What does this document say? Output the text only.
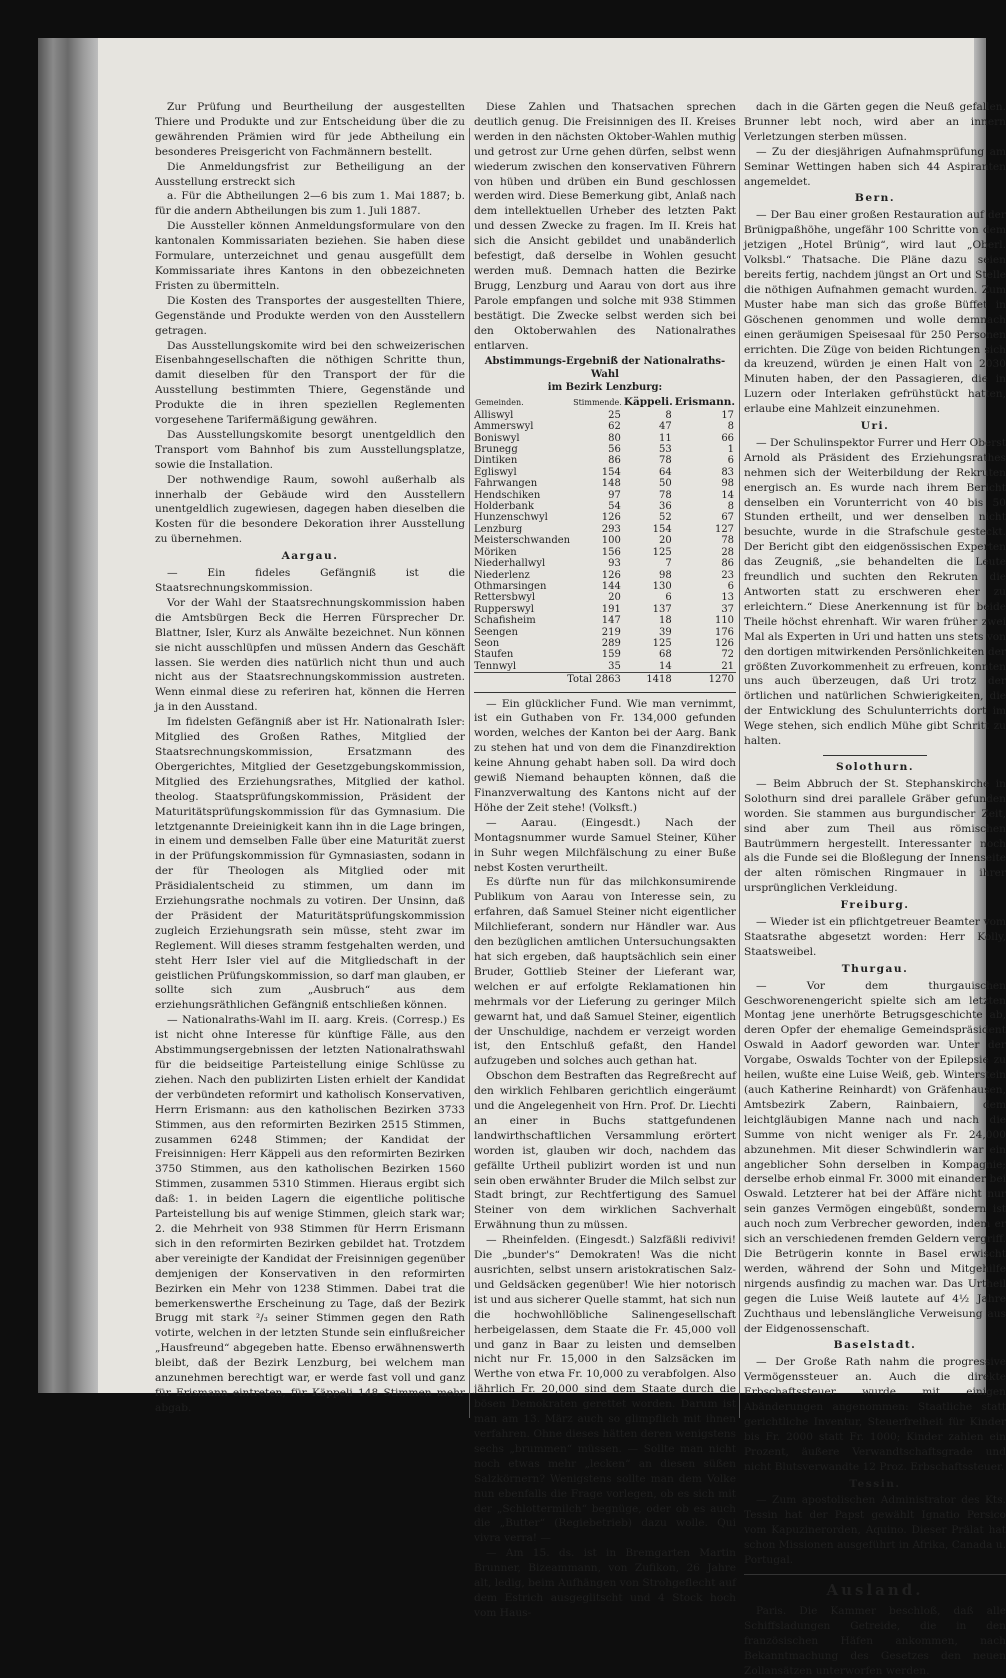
Zur Prüfung und Beurtheilung der ausgestellten Thiere und Produkte und zur Entscheidung über die zu gewährenden Prämien wird für jede Abtheilung ein besonderes Preisgericht von Fachmännern bestellt.

Die Anmeldungsfrist zur Betheiligung an der Ausstellung erstreckt sich

a. Für die Abtheilungen 2—6 bis zum 1. Mai 1887; b. für die andern Abtheilungen bis zum 1. Juli 1887.

Die Aussteller können Anmeldungsformulare von den kantonalen Kommissariaten beziehen. Sie haben diese Formulare, unterzeichnet und genau ausgefüllt dem Kommissariate ihres Kantons in den obbezeichneten Fristen zu übermitteln.

Die Kosten des Transportes der ausgestellten Thiere, Gegenstände und Produkte werden von den Ausstellern getragen.

Das Ausstellungskomite wird bei den schweizerischen Eisenbahngesellschaften die nöthigen Schritte thun, damit dieselben für den Transport der für die Ausstellung bestimmten Thiere, Gegenstände und Produkte die in ihren speziellen Reglementen vorgesehene Tarifermäßigung gewähren.

Das Ausstellungskomite besorgt unentgeldlich den Transport vom Bahnhof bis zum Ausstellungsplatze, sowie die Installation.

Der nothwendige Raum, sowohl außerhalb als innerhalb der Gebäude wird den Ausstellern unentgeldlich zugewiesen, dagegen haben dieselben die Kosten für die besondere Dekoration ihrer Ausstellung zu übernehmen.

Aargau.

— Ein fideles Gefängniß ist die Staatsrechnungskommission.

Vor der Wahl der Staatsrechnungskommission haben die Amtsbürgen Beck die Herren Fürsprecher Dr. Blattner, Isler, Kurz als Anwälte bezeichnet. Nun können sie nicht ausschlüpfen und müssen Andern das Geschäft lassen. Sie werden dies natürlich nicht thun und auch nicht aus der Staatsrechnungskommission austreten. Wenn einmal diese zu referiren hat, können die Herren ja in den Ausstand.

Im fidelsten Gefängniß aber ist Hr. Nationalrath Isler: Mitglied des Großen Rathes, Mitglied der Staatsrechnungskommission, Ersatzmann des Obergerichtes, Mitglied der Gesetzgebungskommission, Mitglied des Erziehungsrathes, Mitglied der kathol. theolog. Staatsprüfungskommission, Präsident der Maturitätsprüfungskommission für das Gymnasium. Die letztgenannte Dreieinigkeit kann ihn in die Lage bringen, in einem und demselben Falle über eine Maturität zuerst in der Prüfungskommission für Gymnasiasten, sodann in der für Theologen als Mitglied oder mit Präsidialentscheid zu stimmen, um dann im Erziehungsrathe nochmals zu votiren. Der Unsinn, daß der Präsident der Maturitätsprüfungskommission zugleich Erziehungsrath sein müsse, steht zwar im Reglement. Will dieses stramm festgehalten werden, und steht Herr Isler viel auf die Mitgliedschaft in der geistlichen Prüfungskommission, so darf man glauben, er sollte sich zum „Ausbruch“ aus dem erziehungsräthlichen Gefängniß entschließen können.

— Nationalraths-Wahl im II. aarg. Kreis. (Corresp.) Es ist nicht ohne Interesse für künftige Fälle, aus den Abstimmungsergebnissen der letzten Nationalrathswahl für die beidseitige Parteistellung einige Schlüsse zu ziehen. Nach den publizirten Listen erhielt der Kandidat der verbündeten reformirt und katholisch Konservativen, Herrn Erismann: aus den katholischen Bezirken 3733 Stimmen, aus den reformirten Bezirken 2515 Stimmen, zusammen 6248 Stimmen; der Kandidat der Freisinnigen: Herr Käppeli aus den reformirten Bezirken 3750 Stimmen, aus den katholischen Bezirken 1560 Stimmen, zusammen 5310 Stimmen. Hieraus ergibt sich daß: 1. in beiden Lagern die eigentliche politische Parteistellung bis auf wenige Stimmen, gleich stark war; 2. die Mehrheit von 938 Stimmen für Herrn Erismann sich in den reformirten Bezirken gebildet hat. Trotzdem aber vereinigte der Kandidat der Freisinnigen gegenüber demjenigen der Konservativen in den reformirten Bezirken ein Mehr von 1238 Stimmen. Dabei trat die bemerkenswerthe Erscheinung zu Tage, daß der Bezirk Brugg mit stark ²/₃ seiner Stimmen gegen den Rath votirte, welchen in der letzten Stunde sein einflußreicher „Hausfreund“ abgegeben hatte. Ebenso erwähnenswerth bleibt, daß der Bezirk Lenzburg, bei welchem man anzunehmen berechtigt war, er werde fast voll und ganz für Erismann eintreten, für Käppeli 148 Stimmen mehr abgab.

Diese Zahlen und Thatsachen sprechen deutlich genug. Die Freisinnigen des II. Kreises werden in den nächsten Oktober-Wahlen muthig und getrost zur Urne gehen dürfen, selbst wenn wiederum zwischen den konservativen Führern von hüben und drüben ein Bund geschlossen werden wird. Diese Bemerkung gibt, Anlaß nach dem intellektuellen Urheber des letzten Pakt und dessen Zwecke zu fragen. Im II. Kreis hat sich die Ansicht gebildet und unabänderlich befestigt, daß derselbe in Wohlen gesucht werden muß. Demnach hatten die Bezirke Brugg, Lenzburg und Aarau von dort aus ihre Parole empfangen und solche mit 938 Stimmen bestätigt. Die Zwecke selbst werden sich bei den Oktoberwahlen des Nationalrathes entlarven.

Abstimmungs-Ergebniß der Nationalraths-Wahl
im Bezirk Lenzburg:
Gemeinden.	Stimmende.	Käppeli.	Erismann.
Alliswyl	25	8	17
Ammerswyl	62	47	8
Boniswyl	80	11	66
Brunegg	56	53	1
Dintiken	86	78	6
Egliswyl	154	64	83
Fahrwangen	148	50	98
Hendschiken	97	78	14
Holderbank	54	36	8
Hunzenschwyl	126	52	67
Lenzburg	293	154	127
Meisterschwanden	100	20	78
Möriken	156	125	28
Niederhallwyl	93	7	86
Niederlenz	126	98	23
Othmarsingen	144	130	6
Rettersbwyl	20	6	13
Rupperswyl	191	137	37
Schafisheim	147	18	110
Seengen	219	39	176
Seon	289	125	126
Staufen	159	68	72
Tennwyl	35	14	21
Total 2863		1418	1270

— Ein glücklicher Fund. Wie man vernimmt, ist ein Guthaben von Fr. 134,000 gefunden worden, welches der Kanton bei der Aarg. Bank zu stehen hat und von dem die Finanzdirektion keine Ahnung gehabt haben soll. Da wird doch gewiß Niemand behaupten können, daß die Finanzverwaltung des Kantons nicht auf der Höhe der Zeit stehe! (Volksft.)

— Aarau. (Eingesdt.) Nach der Montagsnummer wurde Samuel Steiner, Küher in Suhr wegen Milchfälschung zu einer Buße nebst Kosten verurtheilt.

Es dürfte nun für das milchkonsumirende Publikum von Aarau von Interesse sein, zu erfahren, daß Samuel Steiner nicht eigentlicher Milchlieferant, sondern nur Händler war. Aus den bezüglichen amtlichen Untersuchungsakten hat sich ergeben, daß hauptsächlich sein einer Bruder, Gottlieb Steiner der Lieferant war, welchen er auf erfolgte Reklamationen hin mehrmals vor der Lieferung zu geringer Milch gewarnt hat, und daß Samuel Steiner, eigentlich der Unschuldige, nachdem er verzeigt worden ist, den Entschluß gefaßt, den Handel aufzugeben und solches auch gethan hat.

Obschon dem Bestraften das Regreßrecht auf den wirklich Fehlbaren gerichtlich eingeräumt und die Angelegenheit von Hrn. Prof. Dr. Liechti an einer in Buchs stattgefundenen landwirthschaftlichen Versammlung erörtert worden ist, glauben wir doch, nachdem das gefällte Urtheil publizirt worden ist und nun sein oben erwähnter Bruder die Milch selbst zur Stadt bringt, zur Rechtfertigung des Samuel Steiner von dem wirklichen Sachverhalt Erwähnung thun zu müssen.

— Rheinfelden. (Eingesdt.) Salzfäßli redivivi! Die „bunder's“ Demokraten! Was die nicht ausrichten, selbst unsern aristokratischen Salz- und Geldsäcken gegenüber! Wie hier notorisch ist und aus sicherer Quelle stammt, hat sich nun die hochwohllöbliche Salinengesellschaft herbeigelassen, dem Staate die Fr. 45,000 voll und ganz in Baar zu leisten und demselben nicht nur Fr. 15,000 in den Salzsäcken im Werthe von etwa Fr. 10,000 zu verabfolgen. Also jährlich Fr. 20,000 sind dem Staate durch die bösen Demokraten gerettet worden. Darum ist man am 13. März auch so glimpflich mit ihnen verfahren. Ohne dieses hätten deren wenigstens sechs „brummen“ müssen. — Sollte man nicht noch etwas mehr „lecken“ an diesen süßen Salzkörnern? Wenigstens sollte man dem Volke nun ebenfalls die Frage vorlegen, ob es sich mit der „Schlottermilch“ begnüge, oder ob es auch die „Butter“ (Regiebetrieb) dazu wolle. Qui vivra verra! —

— Am 15. ds. ist in Bremgarten Martin Brunner, Bizeammann, von Zufikon, 26 Jahre alt, ledig, beim Aufhängen von Strohgeflecht auf dem Estrich ausgeglitscht und 4 Stock hoch vom Haus-

dach in die Gärten gegen die Neuß gefallen. Brunner lebt noch, wird aber an innern Verletzungen sterben müssen.

— Zu der diesjährigen Aufnahmsprüfung am Seminar Wettingen haben sich 44 Aspiranten angemeldet.

Bern.

— Der Bau einer großen Restauration auf der Brünigpaßhöhe, ungefähr 100 Schritte von dem jetzigen „Hotel Brünig“, wird laut „Oberl. Volksbl.“ Thatsache. Die Pläne dazu seien bereits fertig, nachdem jüngst an Ort und Stelle die nöthigen Aufnahmen gemacht wurden. Zum Muster habe man sich das große Büffet in Göschenen genommen und wolle demnach einen geräumigen Speisesaal für 250 Personen errichten. Die Züge von beiden Richtungen sich da kreuzend, würden je einen Halt von 2030 Minuten haben, der den Passagieren, die in Luzern oder Interlaken gefrühstückt hatten, erlaube eine Mahlzeit einzunehmen.

Uri.

— Der Schulinspektor Furrer und Herr Oberst Arnold als Präsident des Erziehungsrathes nehmen sich der Weiterbildung der Rekruten energisch an. Es wurde nach ihrem Bericht denselben ein Vorunterricht von 40 bis 50 Stunden ertheilt, und wer denselben nicht besuchte, wurde in die Strafschule gesteckt. Der Bericht gibt den eidgenössischen Experten das Zeugniß, „sie behandelten die Leute freundlich und suchten den Rekruten die Antworten statt zu erschweren eher zu erleichtern.“ Diese Anerkennung ist für beide Theile höchst ehrenhaft. Wir waren früher zwei Mal als Experten in Uri und hatten uns stets von den dortigen mitwirkenden Persönlichkeiten der größten Zuvorkommenheit zu erfreuen, konnten uns auch überzeugen, daß Uri trotz der örtlichen und natürlichen Schwierigkeiten, die der Entwicklung des Schulunterrichts dort im Wege stehen, sich endlich Mühe gibt Schritt zu halten.

Solothurn.

— Beim Abbruch der St. Stephanskirche in Solothurn sind drei parallele Gräber gefunden worden. Sie stammen aus burgundischer Zeit, sind aber zum Theil aus römischen Bautrümmern hergestellt. Interessanter noch als die Funde sei die Bloßlegung der Innenseite der alten römischen Ringmauer in ihrer ursprünglichen Verkleidung.

Freiburg.

— Wieder ist ein pflichtgetreuer Beamter vom Staatsrathe abgesetzt worden: Herr Kolly, Staatsweibel.

Thurgau.

— Vor dem thurgauischen Geschworenengericht spielte sich am letzten Montag jene unerhörte Betrugsgeschichte ab, deren Opfer der ehemalige Gemeindspräsident Oswald in Aadorf geworden war. Unter der Vorgabe, Oswalds Tochter von der Epilepsie zu heilen, wußte eine Luise Weiß, geb. Winterstein (auch Katherine Reinhardt) von Gräfenhausen, Amtsbezirk Zabern, Rainbaiern, dem leichtgläubigen Manne nach und nach die Summe von nicht weniger als Fr. 24,000 abzunehmen. Mit dieser Schwindlerin war ein angeblicher Sohn derselben in Kompagnie; derselbe erhob einmal Fr. 3000 mit einander bei Oswald. Letzterer hat bei der Affäre nicht nur sein ganzes Vermögen eingebüßt, sondern ist auch noch zum Verbrecher geworden, indem er sich an verschiedenen fremden Geldern vergriff. Die Betrügerin konnte in Basel erwischt werden, während der Sohn und Mitgehilfe nirgends ausfindig zu machen war. Das Urtheil gegen die Luise Weiß lautete auf 4½ Jahre Zuchthaus und lebenslängliche Verweisung aus der Eidgenossenschaft.

Baselstadt.

— Der Große Rath nahm die progressive Vermögenssteuer an. Auch die direkte Erbschaftssteuer wurde mit einigen Abänderungen angenommen: Staatliche statt gerichtliche Inventur, Steuerfreiheit für Kinder bis Fr. 2000 statt Fr. 1000; Kinder zahlen ein Prozent, äußere Verwandtschaftsgrade und nicht Blutsverwandte 12 Proz. Erbschaftssteuer.

Tessin.

— Zum apostolischen Administrator des Kts. Tessin hat der Papst gewählt Ignatio Persico vom Kapuzinerorden, Aquino. Dieser Prälat hat schon Missionen ausgeführt in Afrika, Canada u. Portugal.

Ausland.

Paris. Die Kammer beschloß, daß alle Schiffsladungen Getreide, die in den französischen Häfen ankommen, nach Bekanntmachung des Gesetzes den neuen Zollansätzen unterworfen werden.
